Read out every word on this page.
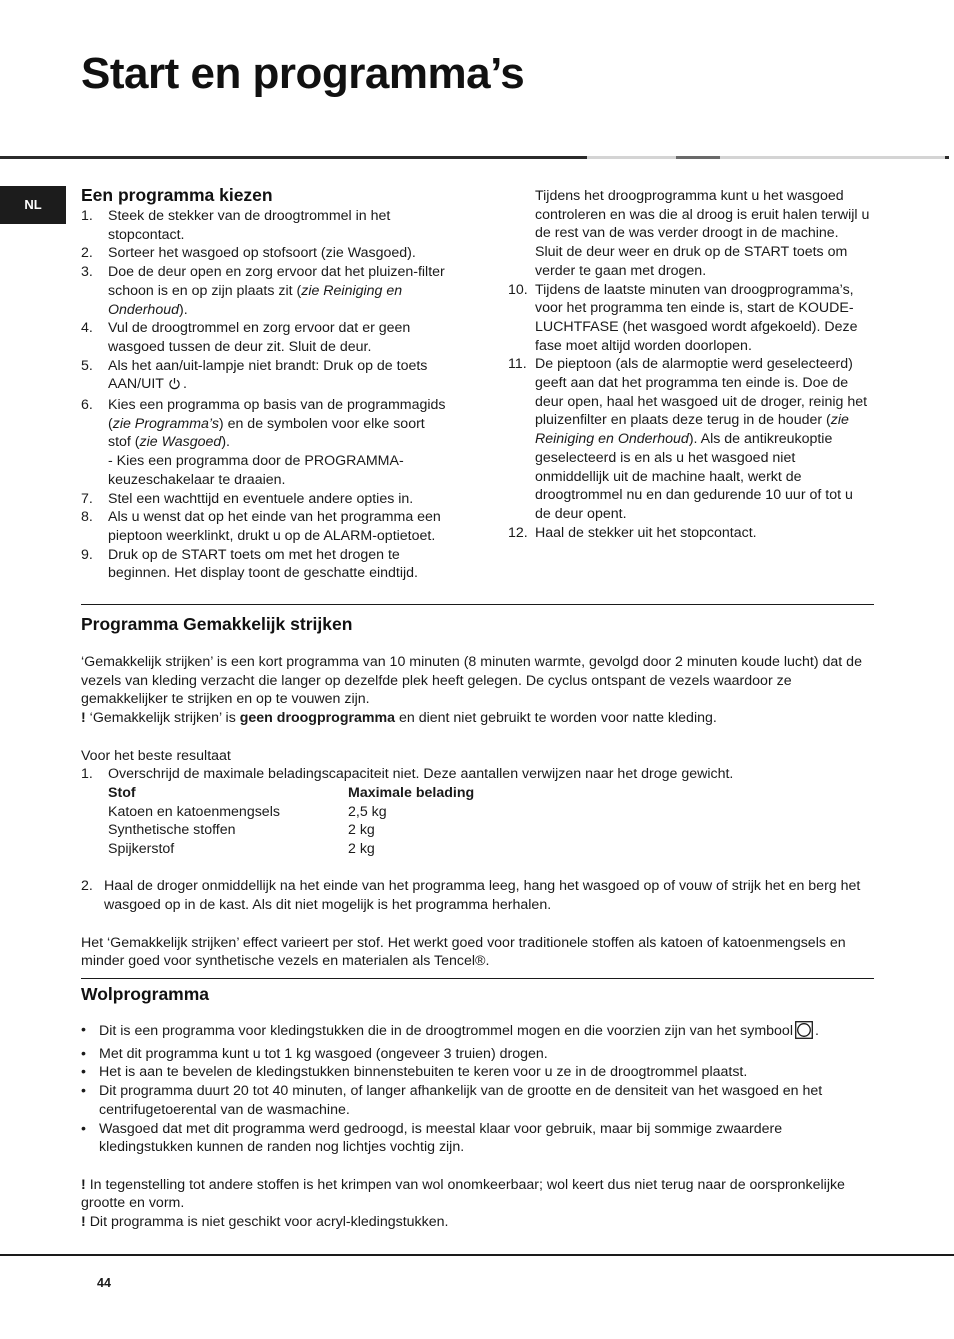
Start en programma’s
NL	Een programma kiezen
1. Steek de stekker van de droogtrommel in het stopcontact.
2. Sorteer het wasgoed op stofsoort (zie Wasgoed).
3. Doe de deur open en zorg ervoor dat het pluizen-filter schoon is en op zijn plaats zit (zie Reiniging en Onderhoud).
4. Vul de droogtrommel en zorg ervoor dat er geen wasgoed tussen de deur zit. Sluit de deur.
5. Als het aan/uit-lampje niet brandt: Druk op de toets AAN/UIT .
6. Kies een programma op basis van de programmagids (zie Programma’s) en de symbolen voor elke soort stof (zie Wasgoed).
- Kies een programma door de PROGRAMMA-keuzeschakelaar te draaien.
7. Stel een wachttijd en eventuele andere opties in.
8. Als u wenst dat op het einde van het programma een pieptoon weerklinkt, drukt u op de ALARM-optietoet.
9. Druk op de START toets om met het drogen te beginnen. Het display toont de geschatte eindtijd.

Tijdens het droogprogramma kunt u het wasgoed controleren en was die al droog is eruit halen terwijl u de rest van de was verder droogt in de machine. Sluit de deur weer en druk op de START toets om verder te gaan met drogen.

10. Tijdens de laatste minuten van droogprogramma’s, voor het programma ten einde is, start de KOUDE-LUCHTFASE (het wasgoed wordt afgekoeld). Deze fase moet altijd worden doorlopen.
11. De pieptoon (als de alarmoptie werd geselecteerd) geeft aan dat het programma ten einde is. Doe de deur open, haal het wasgoed uit de droger, reinig het pluizenfilter en plaats deze terug in de houder (zie Reiniging en Onderhoud). Als de antikreukoptie geselecteerd is en als u het wasgoed niet onmiddellijk uit de machine haalt, werkt de droogtrommel nu en dan gedurende 10 uur of tot u de deur opent.
12. Haal de stekker uit het stopcontact.
Programma Gemakkelijk strijken

‘Gemakkelijk strijken’ is een kort programma van 10 minuten (8 minuten warmte, gevolgd door 2 minuten koude lucht) dat de vezels van kleding verzacht die langer op dezelfde plek heeft gelegen. De cyclus ontspant de vezels waardoor ze gemakkelijker te strijken en op te vouwen zijn.

! ‘Gemakkelijk strijken’ is geen droogprogramma en dient niet gebruikt te worden voor natte kleding.

Voor het beste resultaat

1. Overschrijd de maximale beladingscapaciteit niet. Deze aantallen verwijzen naar het droge gewicht.
Stof	Maximale belading
Katoen en katoenmengsels	2,5 kg
Synthetische stoffen	2 kg
Spijkerstof	2 kg
2. Haal de droger onmiddellijk na het einde van het programma leeg, hang het wasgoed op of vouw of strijk het en berg het wasgoed op in de kast. Als dit niet mogelijk is het programma herhalen.

Het ‘Gemakkelijk strijken’ effect varieert per stof. Het werkt goed voor traditionele stoffen als katoen of katoenmengsels en minder goed voor synthetische vezels en materialen als Tencel®.

Wolprogramma
• Dit is een programma voor kledingstukken die in de droogtrommel mogen en die voorzien zijn van het symbool .
• Met dit programma kunt u tot 1 kg wasgoed (ongeveer 3 truien) drogen.
• Het is aan te bevelen de kledingstukken binnenstebuiten te keren voor u ze in de droogtrommel plaatst.
• Dit programma duurt 20 tot 40 minuten, of langer afhankelijk van de grootte en de densiteit van het wasgoed en het centrifugetoerental van de wasmachine.
• Wasgoed dat met dit programma werd gedroogd, is meestal klaar voor gebruik, maar bij sommige zwaardere kledingstukken kunnen de randen nog lichtjes vochtig zijn.

! In tegenstelling tot andere stoffen is het krimpen van wol onomkeerbaar; wol keert dus niet terug naar de oorspronkelijke grootte en vorm.

! Dit programma is niet geschikt voor acryl-kledingstukken.

44
